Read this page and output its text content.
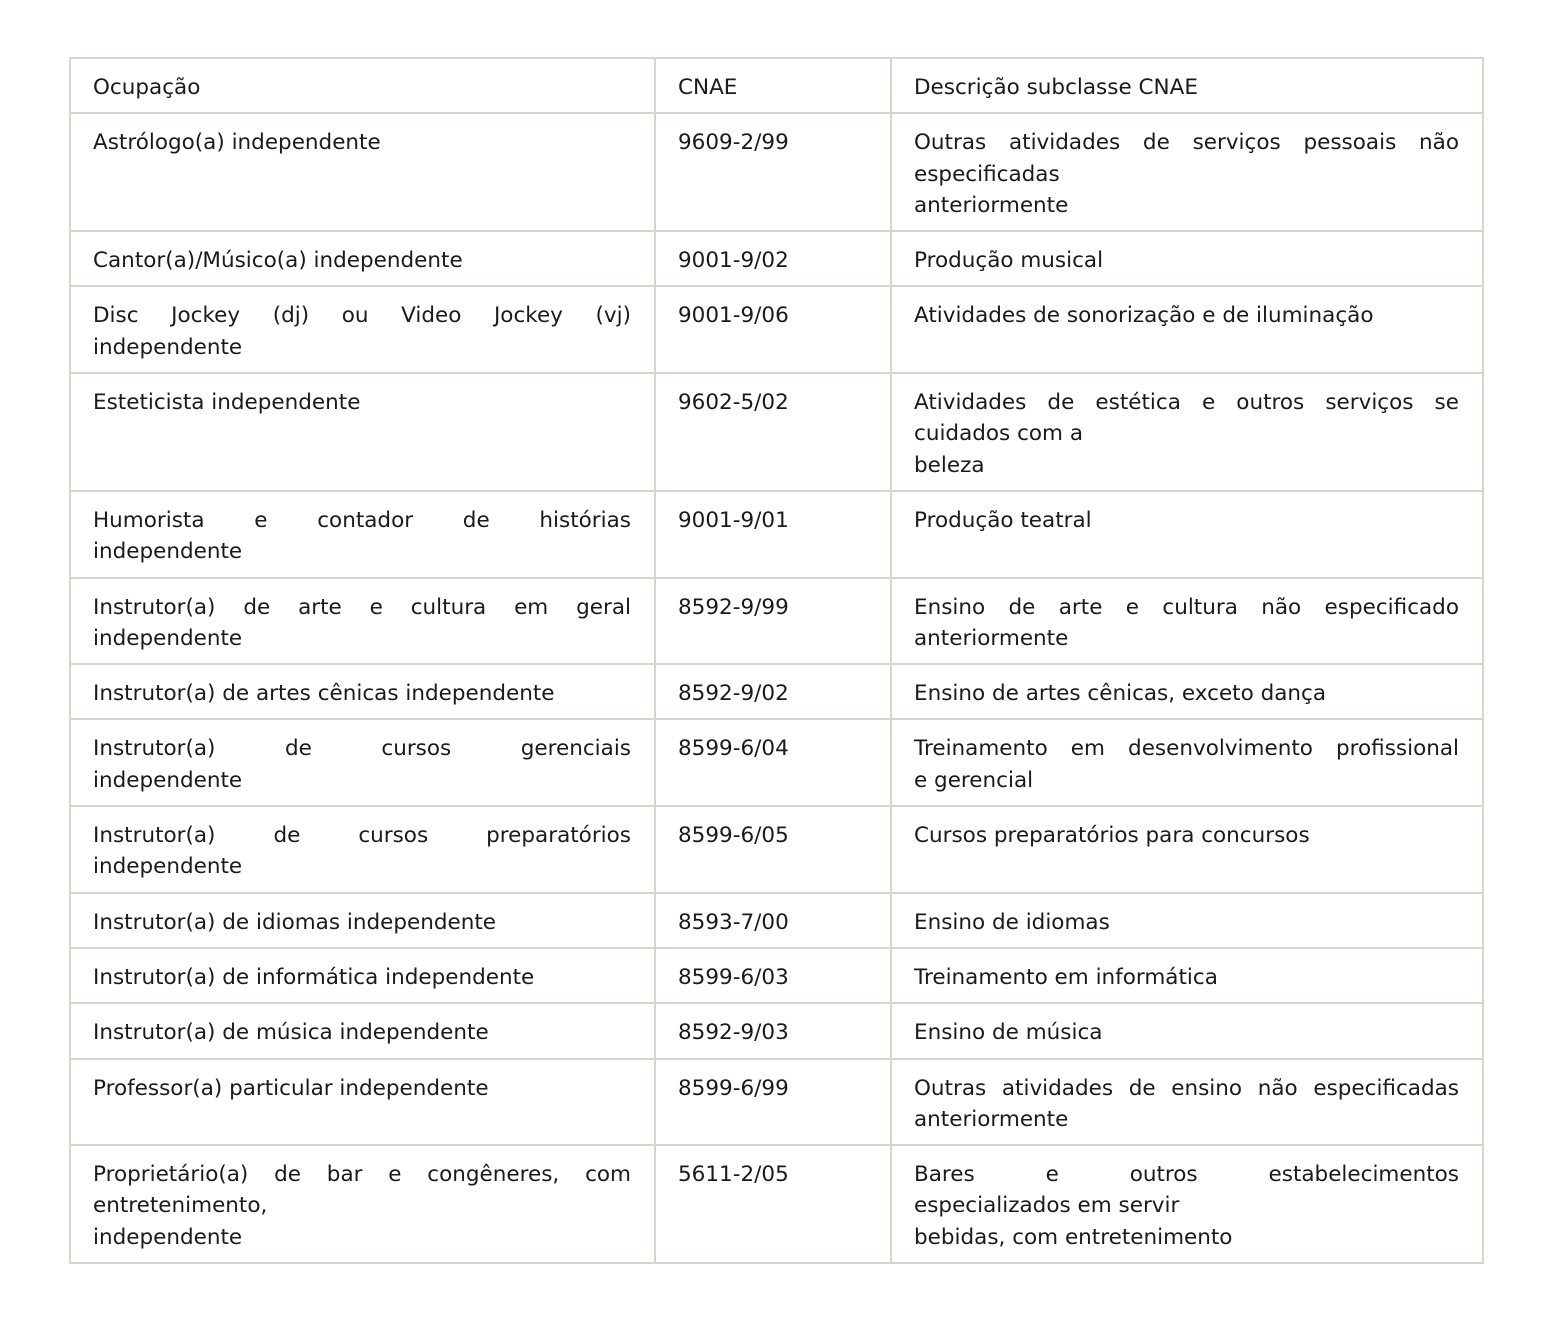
Ocupação	CNAE	Descrição subclasse CNAE

Astrólogo(a) independente	9609-2/99	Outras atividades de serviços pessoais não
especificadas
anteriormente

Cantor(a)/Músico(a) independente	9001-9/02	Produção musical

Disc Jockey (dj) ou Video Jockey (vj)
independente	9001-9/06	Atividades de sonorização e de iluminação

Esteticista independente	9602-5/02	Atividades de estética e outros serviços se
cuidados com a
beleza

Humorista e contador de histórias
independente	9001-9/01	Produção teatral

Instrutor(a) de arte e cultura em geral
independente	8592-9/99	Ensino de arte e cultura não especificado
anteriormente

Instrutor(a) de artes cênicas independente	8592-9/02	Ensino de artes cênicas, exceto dança

Instrutor(a) de cursos gerenciais
independente	8599-6/04	Treinamento em desenvolvimento profissional
e gerencial

Instrutor(a) de cursos preparatórios
independente	8599-6/05	Cursos preparatórios para concursos

Instrutor(a) de idiomas independente	8593-7/00	Ensino de idiomas

Instrutor(a) de informática independente	8599-6/03	Treinamento em informática

Instrutor(a) de música independente	8592-9/03	Ensino de música

Professor(a) particular independente	8599-6/99	Outras atividades de ensino não especificadas
anteriormente

Proprietário(a) de bar e congêneres, com
entretenimento,
independente	5611-2/05	Bares e outros estabelecimentos
especializados em servir
bebidas, com entretenimento
